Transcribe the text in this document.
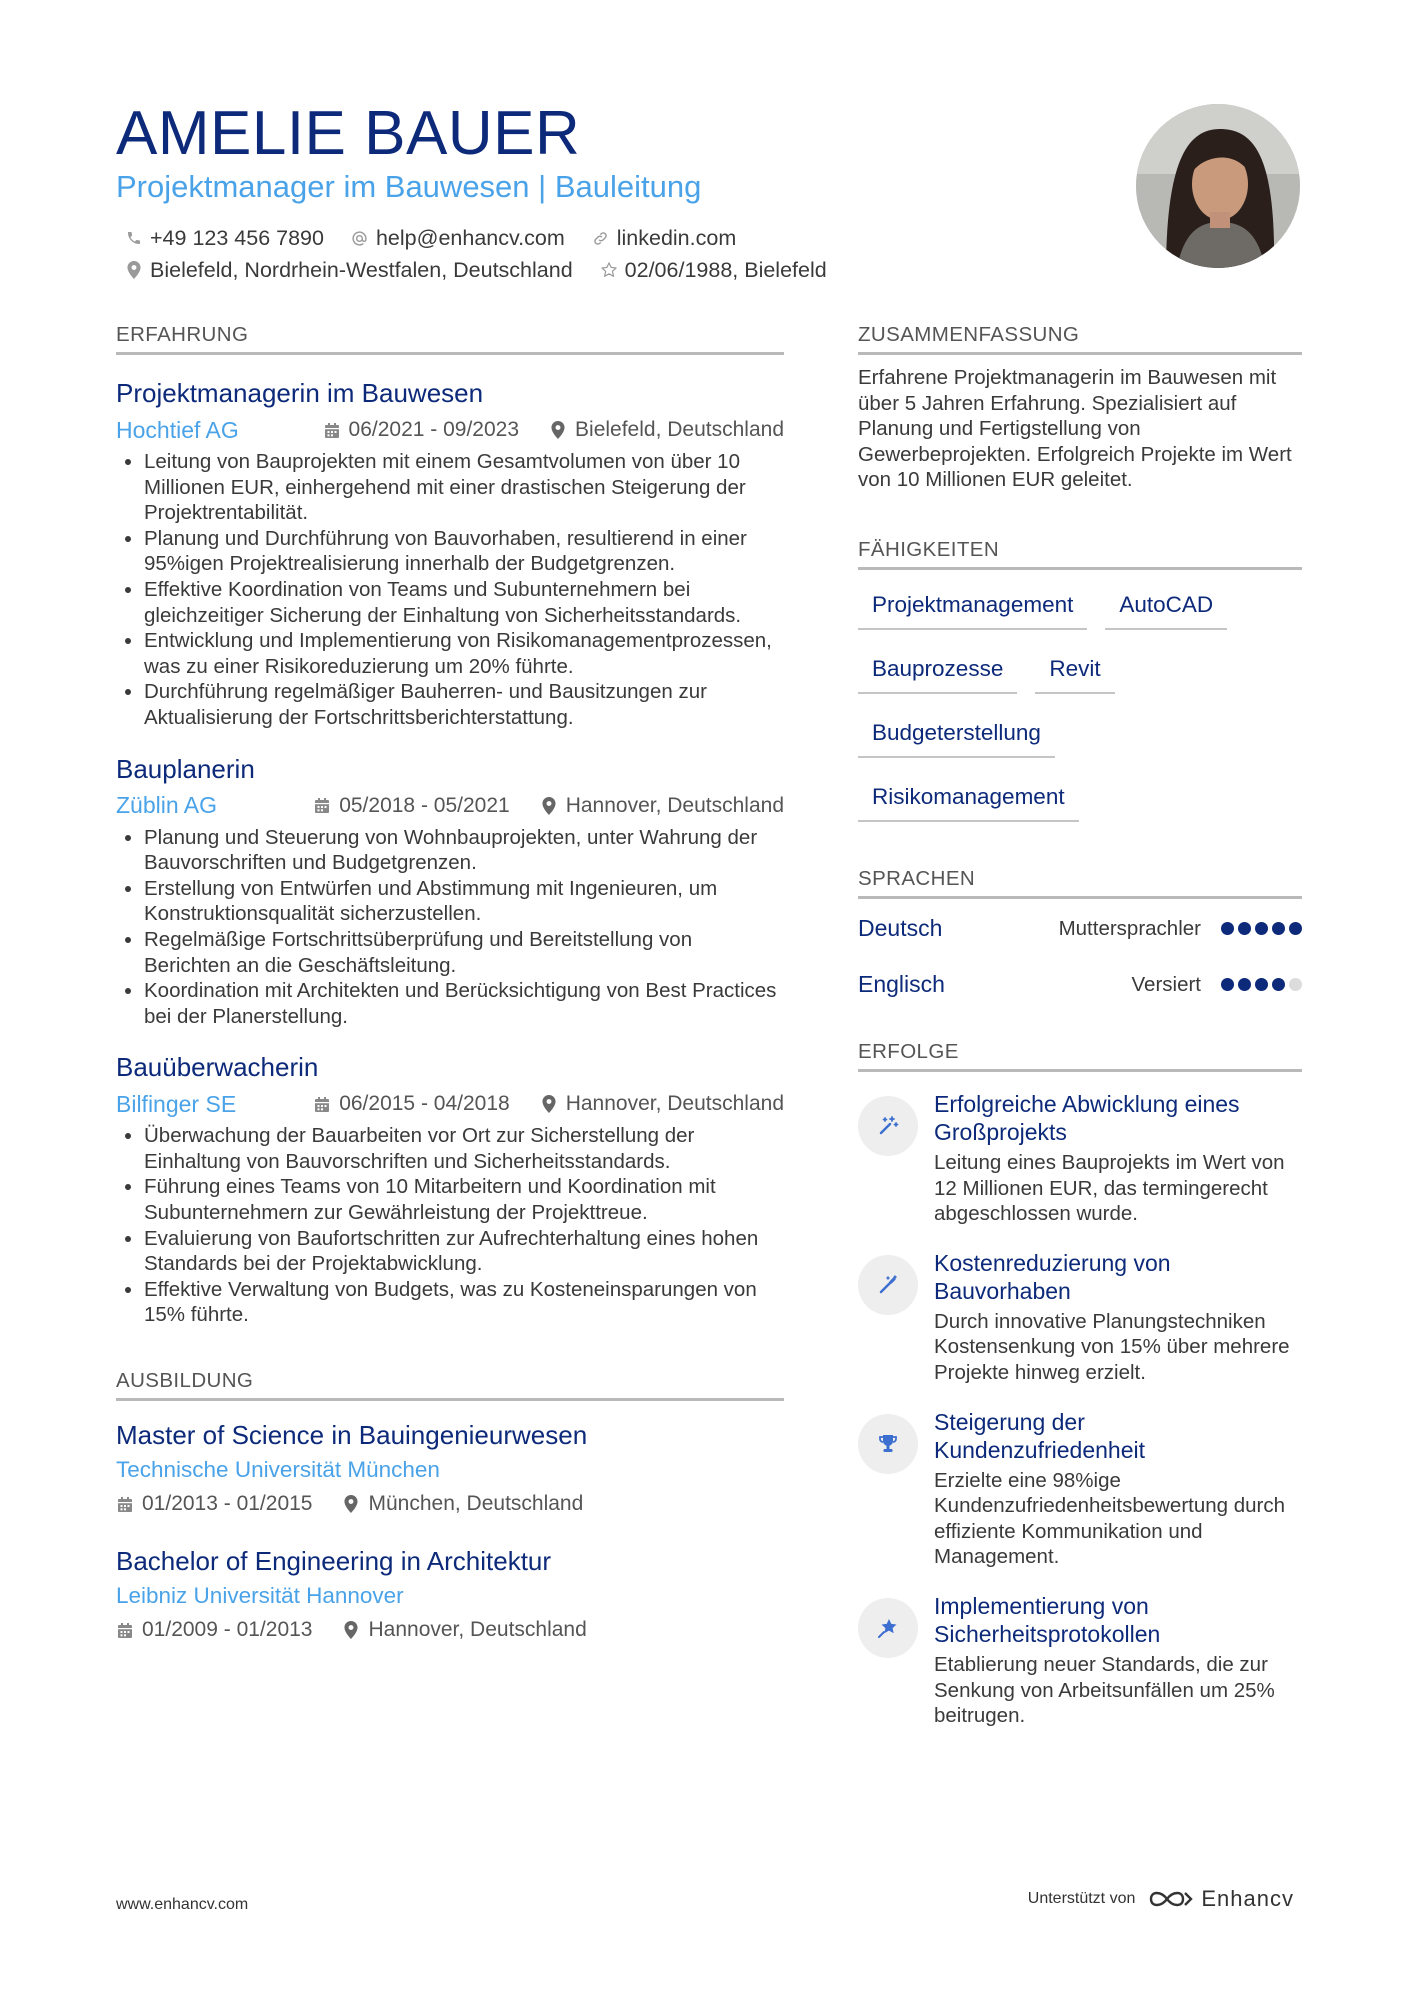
AMELIE BAUER
Projektmanager im Bauwesen | Bauleitung
+49 123 456 7890 help@enhancv.com linkedin.com
Bielefeld, Nordrhein-Westfalen, Deutschland 02/06/1988, Bielefeld
ERFAHRUNG
Projektmanagerin im Bauwesen
Hochtief AG	06/2021 - 09/2023	Bielefeld, Deutschland
• Leitung von Bauprojekten mit einem Gesamtvolumen von über 10 Millionen EUR, einhergehend mit einer drastischen Steigerung der Projektrentabilität.
• Planung und Durchführung von Bauvorhaben, resultierend in einer 95%igen Projektrealisierung innerhalb der Budgetgrenzen.
• Effektive Koordination von Teams und Subunternehmern bei gleichzeitiger Sicherung der Einhaltung von Sicherheitsstandards.
• Entwicklung und Implementierung von Risikomanagementprozessen, was zu einer Risikoreduzierung um 20% führte.
• Durchführung regelmäßiger Bauherren- und Bausitzungen zur Aktualisierung der Fortschrittsberichterstattung.
Bauplanerin
Züblin AG	05/2018 - 05/2021	Hannover, Deutschland
• Planung und Steuerung von Wohnbauprojekten, unter Wahrung der Bauvorschriften und Budgetgrenzen.
• Erstellung von Entwürfen und Abstimmung mit Ingenieuren, um Konstruktionsqualität sicherzustellen.
• Regelmäßige Fortschrittsüberprüfung und Bereitstellung von Berichten an die Geschäftsleitung.
• Koordination mit Architekten und Berücksichtigung von Best Practices bei der Planerstellung.
Bauüberwacherin
Bilfinger SE	06/2015 - 04/2018	Hannover, Deutschland
• Überwachung der Bauarbeiten vor Ort zur Sicherstellung der Einhaltung von Bauvorschriften und Sicherheitsstandards.
• Führung eines Teams von 10 Mitarbeitern und Koordination mit Subunternehmern zur Gewährleistung der Projekttreue.
• Evaluierung von Baufortschritten zur Aufrechterhaltung eines hohen Standards bei der Projektabwicklung.
• Effektive Verwaltung von Budgets, was zu Kosteneinsparungen von 15% führte.
AUSBILDUNG
Master of Science in Bauingenieurwesen
Technische Universität München
01/2013 - 01/2015	München, Deutschland
Bachelor of Engineering in Architektur
Leibniz Universität Hannover
01/2009 - 01/2013	Hannover, Deutschland
ZUSAMMENFASSUNG

Erfahrene Projektmanagerin im Bauwesen mit über 5 Jahren Erfahrung. Spezialisiert auf Planung und Fertigstellung von Gewerbeprojekten. Erfolgreich Projekte im Wert von 10 Millionen EUR geleitet.

FÄHIGKEITEN
Projektmanagement	AutoCAD
Bauprozesse	Revit
Budgeterstellung
Risikomanagement
SPRACHEN
Deutsch	Muttersprachler
Englisch	Versiert
ERFOLGE
Erfolgreiche Abwicklung eines Großprojekts
Leitung eines Bauprojekts im Wert von 12 Millionen EUR, das termingerecht abgeschlossen wurde.
Kostenreduzierung von Bauvorhaben
Durch innovative Planungstechniken Kostensenkung von 15% über mehrere Projekte hinweg erzielt.
Steigerung der Kundenzufriedenheit
Erzielte eine 98%ige Kundenzufriedenheitsbewertung durch effiziente Kommunikation und Management.
Implementierung von Sicherheitsprotokollen
Etablierung neuer Standards, die zur Senkung von Arbeitsunfällen um 25% beitrugen.
www.enhancv.com	Unterstützt von	Enhancv
